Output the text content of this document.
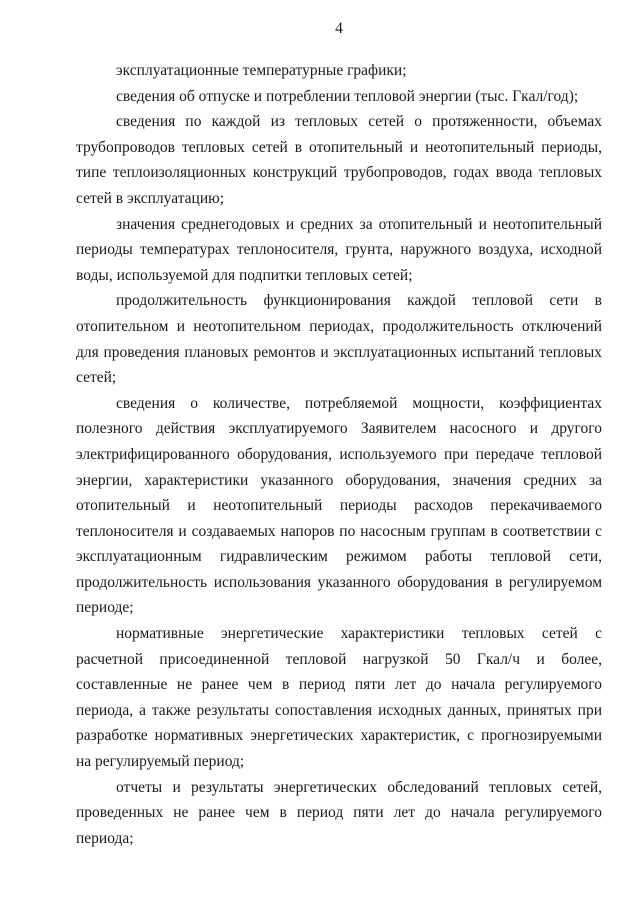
4

эксплуатационные температурные графики;

сведения об отпуске и потреблении тепловой энергии (тыс. Гкал/год);

сведения по каждой из тепловых сетей о протяженности, объемах трубопроводов тепловых сетей в отопительный и неотопительный периоды, типе теплоизоляционных конструкций трубопроводов, годах ввода тепловых сетей в эксплуатацию;

значения среднегодовых и средних за отопительный и неотопительный периоды температурах теплоносителя, грунта, наружного воздуха, исходной воды, используемой для подпитки тепловых сетей;

продолжительность функционирования каждой тепловой сети в отопительном и неотопительном периодах, продолжительность отключений для проведения плановых ремонтов и эксплуатационных испытаний тепловых сетей;

сведения о количестве, потребляемой мощности, коэффициентах полезного действия эксплуатируемого Заявителем насосного и другого электрифицированного оборудования, используемого при передаче тепловой энергии, характеристики указанного оборудования, значения средних за отопительный и неотопительный периоды расходов перекачиваемого теплоносителя и создаваемых напоров по насосным группам в соответствии с эксплуатационным гидравлическим режимом работы тепловой сети, продолжительность использования указанного оборудования в регулируемом периоде;

нормативные энергетические характеристики тепловых сетей с расчетной присоединенной тепловой нагрузкой 50 Гкал/ч и более, составленные не ранее чем в период пяти лет до начала регулируемого периода, а также результаты сопоставления исходных данных, принятых при разработке нормативных энергетических характеристик, с прогнозируемыми на регулируемый период;

отчеты и результаты энергетических обследований тепловых сетей, проведенных не ранее чем в период пяти лет до начала регулируемого периода;
